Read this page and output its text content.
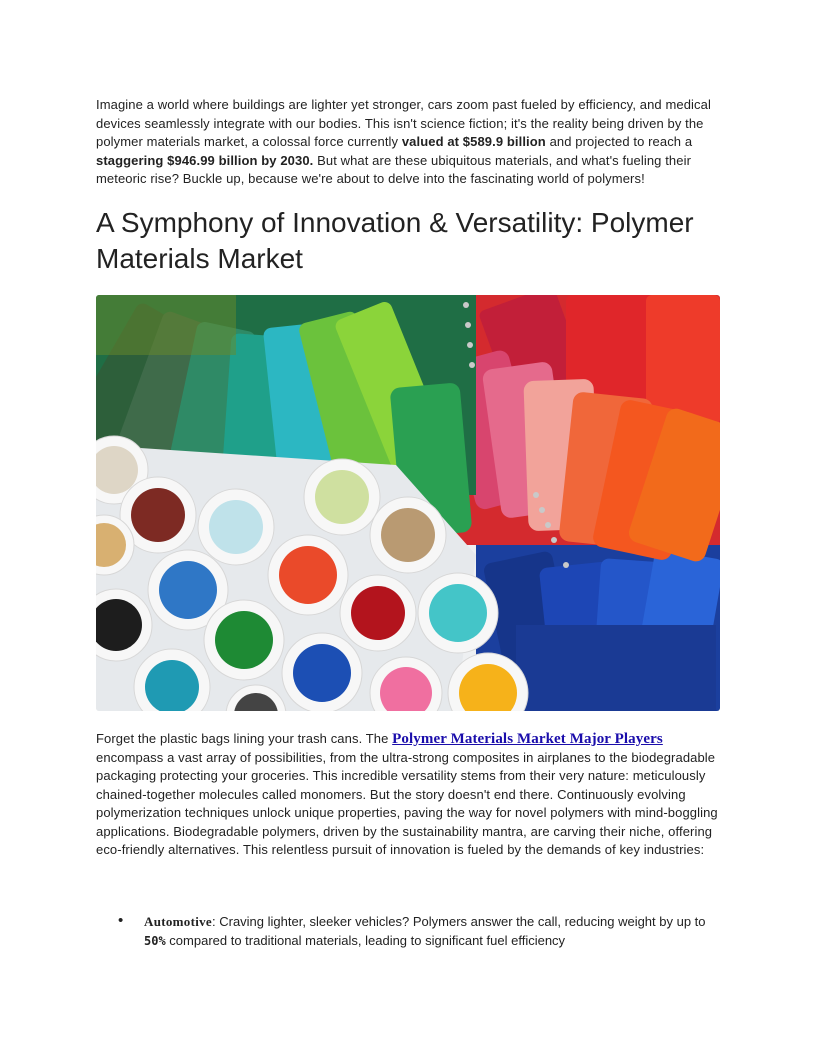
Imagine a world where buildings are lighter yet stronger, cars zoom past fueled by efficiency, and medical devices seamlessly integrate with our bodies. This isn't science fiction; it's the reality being driven by the polymer materials market, a colossal force currently valued at $589.9 billion and projected to reach a staggering $946.99 billion by 2030. But what are these ubiquitous materials, and what's fueling their meteoric rise? Buckle up, because we're about to delve into the fascinating world of polymers!

A Symphony of Innovation & Versatility: Polymer Materials Market

Forget the plastic bags lining your trash cans. The Polymer Materials Market Major Players encompass a vast array of possibilities, from the ultra-strong composites in airplanes to the biodegradable packaging protecting your groceries. This incredible versatility stems from their very nature: meticulously chained-together molecules called monomers. But the story doesn't end there. Continuously evolving polymerization techniques unlock unique properties, paving the way for novel polymers with mind-boggling applications. Biodegradable polymers, driven by the sustainability mantra, are carving their niche, offering eco-friendly alternatives. This relentless pursuit of innovation is fueled by the demands of key industries:

• Automotive: Craving lighter, sleeker vehicles? Polymers answer the call, reducing weight by up to 50% compared to traditional materials, leading to significant fuel efficiency
